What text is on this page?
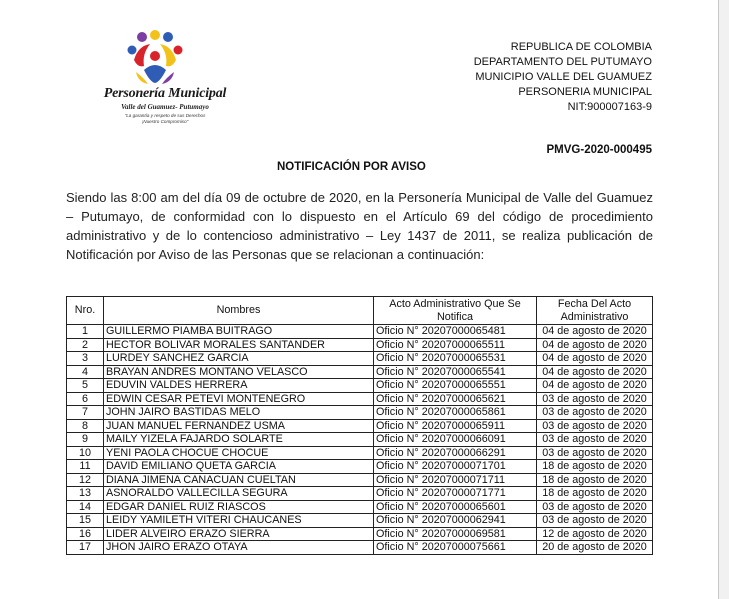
Personería Municipal
Valle del Guamuez- Putumayo
"La garantía y respeto de sus Derechos
¡Nuestro Compromiso"
REPUBLICA DE COLOMBIA
DEPARTAMENTO DEL PUTUMAYO
MUNICIPIO VALLE DEL GUAMUEZ
PERSONERIA MUNICIPAL
NIT:900007163-9
PMVG-2020-000495
NOTIFICACIÓN POR AVISO
Siendo las 8:00 am del día 09 de octubre de 2020, en la Personería Municipal de Valle del Guamuez – Putumayo, de conformidad con lo dispuesto en el Artículo 69 del código de procedimiento administrativo y de lo contencioso administrativo – Ley 1437 de 2011, se realiza publicación de Notificación por Aviso de las Personas que se relacionan a continuación:
Nro.	Nombres	Acto Administrativo Que Se Notifica	Fecha Del Acto Administrativo
1	GUILLERMO PIAMBA BUITRAGO	Oficio N° 20207000065481	04 de agosto de 2020
2	HECTOR BOLIVAR MORALES SANTANDER	Oficio N° 20207000065511	04 de agosto de 2020
3	LURDEY SANCHEZ GARCIA	Oficio N° 20207000065531	04 de agosto de 2020
4	BRAYAN ANDRES MONTANO VELASCO	Oficio N° 20207000065541	04 de agosto de 2020
5	EDUVIN VALDES HERRERA	Oficio N° 20207000065551	04 de agosto de 2020
6	EDWIN CESAR PETEVI MONTENEGRO	Oficio N° 20207000065621	03 de agosto de 2020
7	JOHN JAIRO BASTIDAS MELO	Oficio N° 20207000065861	03 de agosto de 2020
8	JUAN MANUEL FERNANDEZ USMA	Oficio N° 20207000065911	03 de agosto de 2020
9	MAILY YIZELA FAJARDO SOLARTE	Oficio N° 20207000066091	03 de agosto de 2020
10	YENI PAOLA CHOCUE CHOCUE	Oficio N° 20207000066291	03 de agosto de 2020
11	DAVID EMILIANO QUETA GARCIA	Oficio N° 20207000071701	18 de agosto de 2020
12	DIANA JIMENA CANACUAN CUELTAN	Oficio N° 20207000071711	18 de agosto de 2020
13	ASNORALDO VALLECILLA SEGURA	Oficio N° 20207000071771	18 de agosto de 2020
14	EDGAR DANIEL RUIZ RIASCOS	Oficio N° 20207000065601	03 de agosto de 2020
15	LEIDY YAMILETH VITERI CHAUCANES	Oficio N° 20207000062941	03 de agosto de 2020
16	LIDER ALVEIRO ERAZO SIERRA	Oficio N° 20207000069581	12 de agosto de 2020
17	JHON JAIRO ERAZO OTAYA	Oficio N° 20207000075661	20 de agosto de 2020
